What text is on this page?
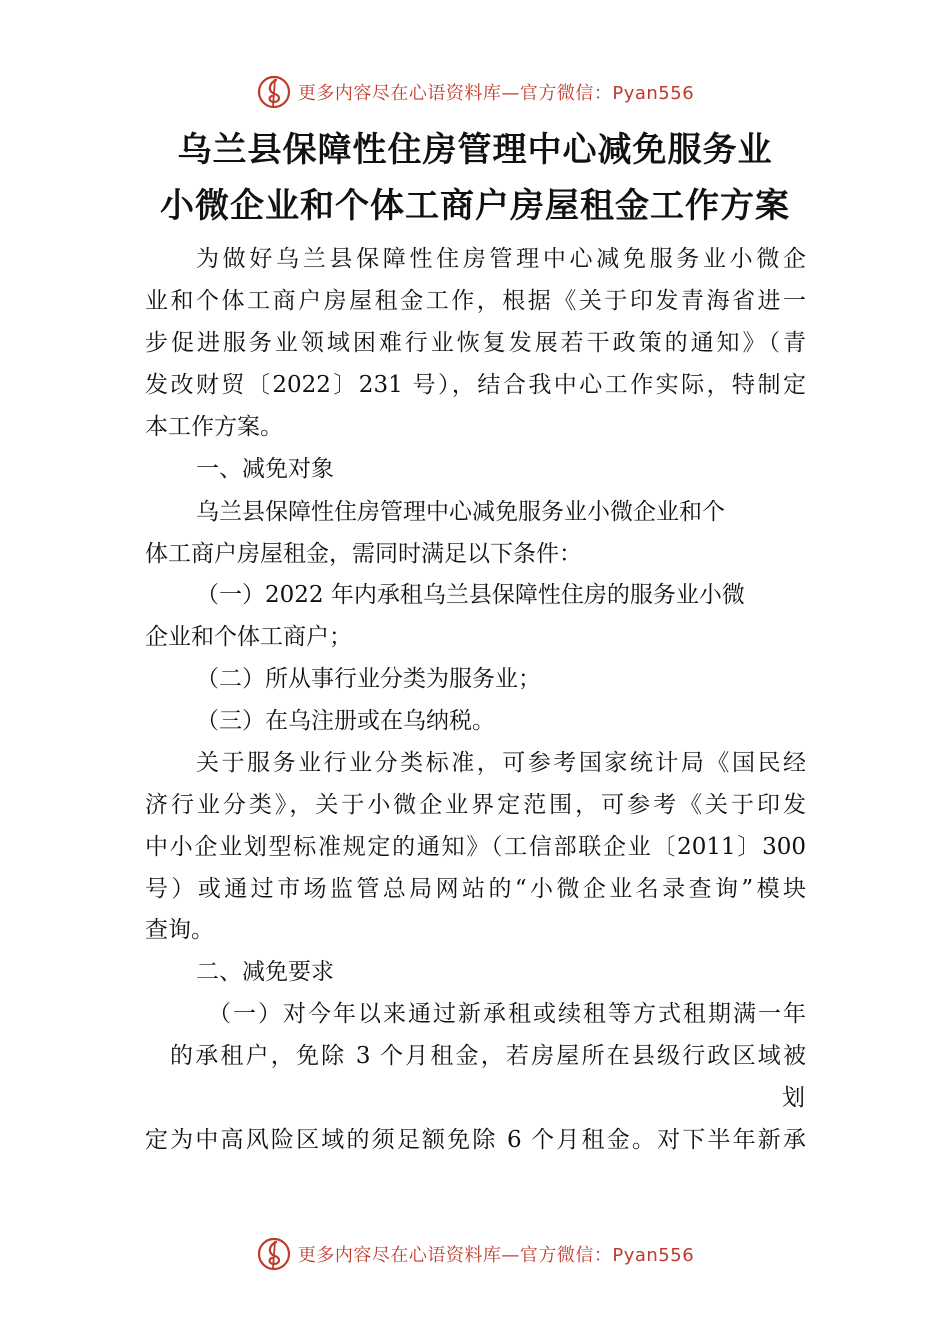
更多内容尽在心语资料库—官方微信：Pyan556
乌兰县保障性住房管理中心减免服务业
小微企业和个体工商户房屋租金工作方案
为做好乌兰县保障性住房管理中心减免服务业小微企
业和个体工商户房屋租金工作，根据《关于印发青海省进一
步促进服务业领域困难行业恢复发展若干政策的通知》（青
发改财贸〔2022〕231 号），结合我中心工作实际，特制定
本工作方案。
一、减免对象
乌兰县保障性住房管理中心减免服务业小微企业和个
体工商户房屋租金，需同时满足以下条件：
（一）2022 年内承租乌兰县保障性住房的服务业小微
企业和个体工商户；
（二）所从事行业分类为服务业；
（三）在乌注册或在乌纳税。
关于服务业行业分类标准，可参考国家统计局《国民经
济行业分类》，关于小微企业界定范围，可参考《关于印发
中小企业划型标准规定的通知》（工信部联企业〔2011〕300
号）或通过市场监管总局网站的“小微企业名录查询”模块
查询。
二、减免要求
（一）对今年以来通过新承租或续租等方式租期满一年
的承租户，免除 3 个月租金，若房屋所在县级行政区域被
划
定为中高风险区域的须足额免除 6 个月租金。对下半年新承
更多内容尽在心语资料库—官方微信：Pyan556
